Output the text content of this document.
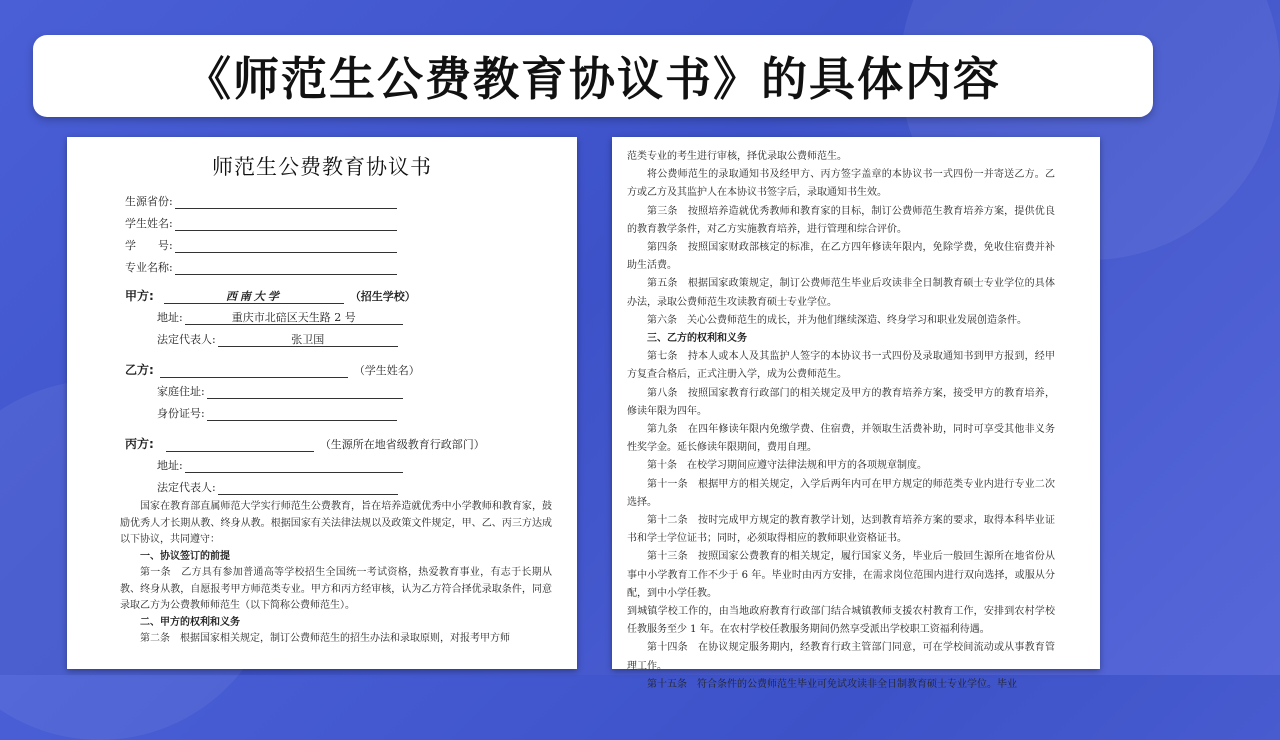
《师范生公费教育协议书》的具体内容
师范生公费教育协议书
生源省份:
学生姓名:
学　　号:
专业名称:
甲方:	西南大学	（招生学校）
地址:	重庆市北碚区天生路 2 号
法定代表人:	张卫国
乙方:	（学生姓名）
家庭住址:
身份证号:
丙方:	（生源所在地省级教育行政部门）
地址:
法定代表人:

国家在教育部直属师范大学实行师范生公费教育，旨在培养造就优秀中小学教师和教育家，鼓励优秀人才长期从教、终身从教。根据国家有关法律法规以及政策文件规定，甲、乙、丙三方达成以下协议，共同遵守：

一、协议签订的前提

第一条　乙方具有参加普通高等学校招生全国统一考试资格，热爱教育事业，有志于长期从教、终身从教，自愿报考甲方师范类专业。甲方和丙方经审核，认为乙方符合择优录取条件，同意录取乙方为公费教师师范生（以下简称公费师范生）。

二、甲方的权利和义务

第二条　根据国家相关规定，制订公费师范生的招生办法和录取原则，对报考甲方师

范类专业的考生进行审核，择优录取公费师范生。

将公费师范生的录取通知书及经甲方、丙方签字盖章的本协议书一式四份一并寄送乙方。乙方或乙方及其监护人在本协议书签字后，录取通知书生效。

第三条　按照培养造就优秀教师和教育家的目标，制订公费师范生教育培养方案，提供优良的教育教学条件，对乙方实施教育培养，进行管理和综合评价。

第四条　按照国家财政部核定的标准，在乙方四年修读年限内，免除学费，免收住宿费并补助生活费。

第五条　根据国家政策规定，制订公费师范生毕业后攻读非全日制教育硕士专业学位的具体办法，录取公费师范生攻读教育硕士专业学位。

第六条　关心公费师范生的成长，并为他们继续深造、终身学习和职业发展创造条件。

三、乙方的权利和义务

第七条　持本人或本人及其监护人签字的本协议书一式四份及录取通知书到甲方报到，经甲方复查合格后，正式注册入学，成为公费师范生。

第八条　按照国家教育行政部门的相关规定及甲方的教育培养方案，接受甲方的教育培养，修读年限为四年。

第九条　在四年修读年限内免缴学费、住宿费，并领取生活费补助，同时可享受其他非义务性奖学金。延长修读年限期间，费用自理。

第十条　在校学习期间应遵守法律法规和甲方的各项规章制度。

第十一条　根据甲方的相关规定，入学后两年内可在甲方规定的师范类专业内进行专业二次选择。

第十二条　按时完成甲方规定的教育教学计划，达到教育培养方案的要求，取得本科毕业证书和学士学位证书；同时，必须取得相应的教师职业资格证书。

第十三条　按照国家公费教育的相关规定，履行国家义务，毕业后一般回生源所在地省份从事中小学教育工作不少于 6 年。毕业时由丙方安排，在需求岗位范围内进行双向选择，或服从分配，到中小学任教。

到城镇学校工作的，由当地政府教育行政部门结合城镇教师支援农村教育工作，安排到农村学校任教服务至少 1 年。在农村学校任教服务期间仍然享受派出学校职工资福利待遇。

第十四条　在协议规定服务期内，经教育行政主管部门同意，可在学校间流动或从事教育管理工作。

第十五条　符合条件的公费师范生毕业可免试攻读非全日制教育硕士专业学位。毕业
